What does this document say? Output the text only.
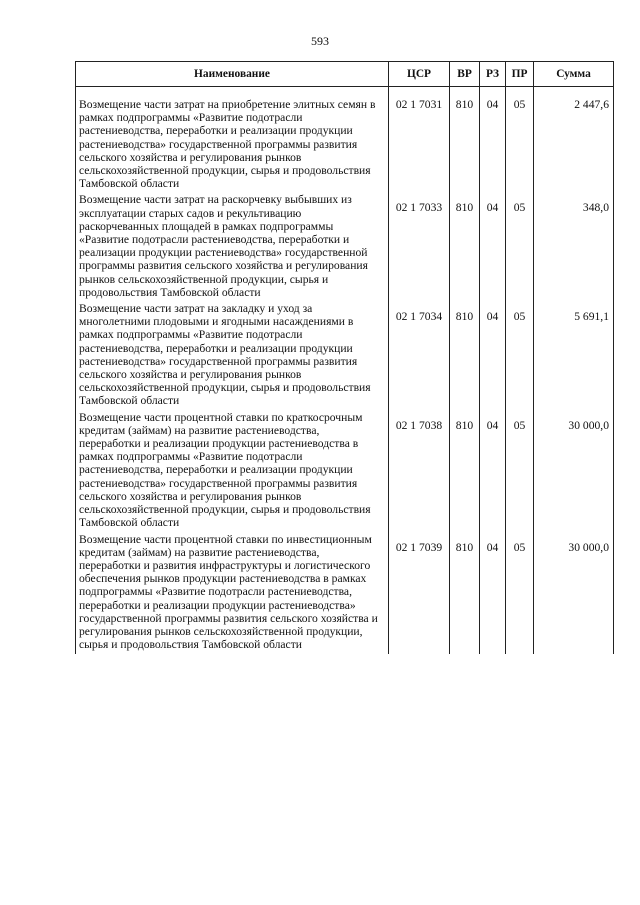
593
Наименование	ЦСР	ВР	РЗ	ПР	Сумма
Возмещение части затрат на приобретение элитных семян в рамках подпрограммы «Развитие подотрасли растениеводства, переработки и реализации продукции растениеводства» государственной программы развития сельского хозяйства и регулирования рынков сельскохозяйственной продукции, сырья и продовольствия Тамбовской области	02 1 7031	810	04	05	2 447,6
Возмещение части затрат на раскорчевку выбывших из эксплуатации старых садов и рекультивацию раскорчеванных площадей в рамках подпрограммы «Развитие подотрасли растениеводства, переработки и реализации продукции растениеводства» государственной программы развития сельского хозяйства и регулирования рынков сельскохозяйственной продукции, сырья и продовольствия Тамбовской области	02 1 7033	810	04	05	348,0
Возмещение части затрат на закладку и уход за многолетними плодовыми и ягодными насаждениями в рамках подпрограммы «Развитие подотрасли растениеводства, переработки и реализации продукции растениеводства» государственной программы развития сельского хозяйства и регулирования рынков сельскохозяйственной продукции, сырья и продовольствия Тамбовской области	02 1 7034	810	04	05	5 691,1
Возмещение части процентной ставки по краткосрочным кредитам (займам) на развитие растениеводства, переработки и реализации продукции растениеводства в рамках подпрограммы «Развитие подотрасли растениеводства, переработки и реализации продукции растениеводства» государственной программы развития сельского хозяйства и регулирования рынков сельскохозяйственной продукции, сырья и продовольствия Тамбовской области	02 1 7038	810	04	05	30 000,0
Возмещение части процентной ставки по инвестиционным кредитам (займам) на развитие растениеводства, переработки и развития инфраструктуры и логистического обеспечения рынков продукции растениеводства в рамках подпрограммы «Развитие подотрасли растениеводства, переработки и реализации продукции растениеводства» государственной программы развития сельского хозяйства и регулирования рынков сельскохозяйственной продукции, сырья и продовольствия Тамбовской области	02 1 7039	810	04	05	30 000,0
